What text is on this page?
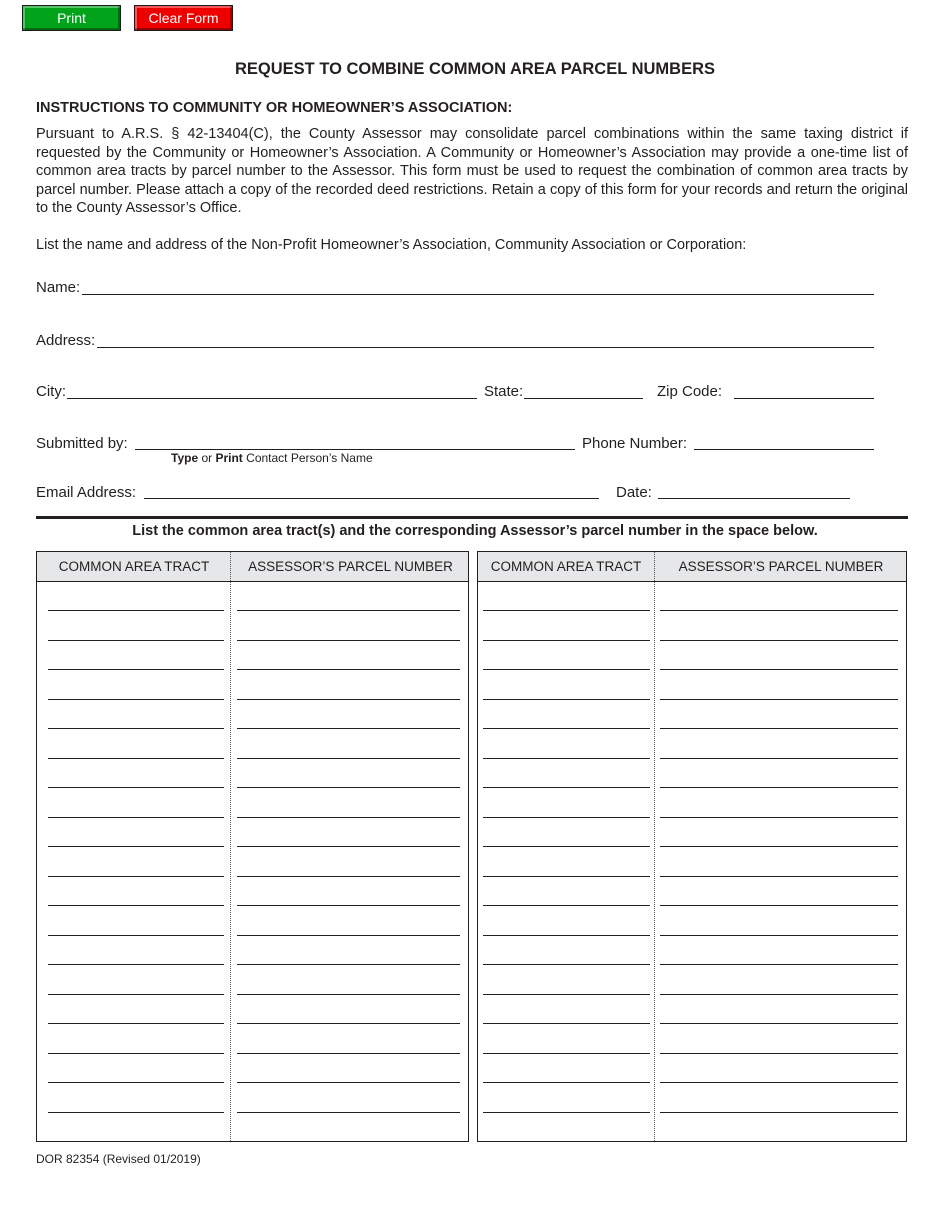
Print	Clear Form
REQUEST TO COMBINE COMMON AREA PARCEL NUMBERS
INSTRUCTIONS TO COMMUNITY OR HOMEOWNER’S ASSOCIATION:
Pursuant to A.R.S. § 42-13404(C), the County Assessor may consolidate parcel combinations within the same taxing district if requested by the Community or Homeowner’s Association. A Community or Homeowner’s Association may provide a one-time list of common area tracts by parcel number to the Assessor. This form must be used to request the combination of common area tracts by parcel number. Please attach a copy of the recorded deed restrictions. Retain a copy of this form for your records and return the original to the County Assessor’s Office.
List the name and address of the Non-Profit Homeowner’s Association, Community Association or Corporation:
Name:
Address:
City:	State:	Zip Code:
Submitted by:
Type or Print Contact Person’s Name
Phone Number:
Email Address:	Date:
List the common area tract(s) and the corresponding Assessor’s parcel number in the space below.
COMMON AREA TRACT	ASSESSOR’S PARCEL NUMBER	COMMON AREA TRACT	ASSESSOR’S PARCEL NUMBER
DOR 82354 (Revised 01/2019)
